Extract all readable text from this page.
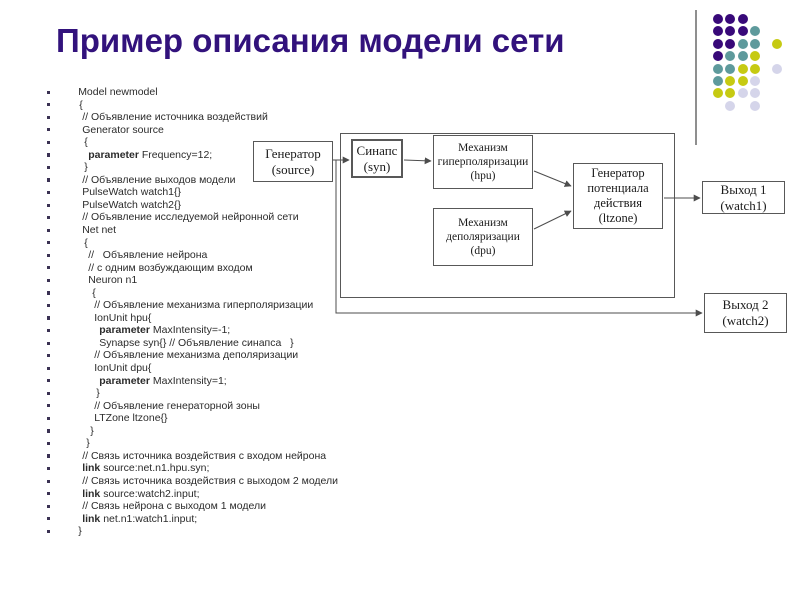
Пример описания модели сети
Model newmodel
{
// Объявление источника воздействий
Generator source
{
parameter Frequency=12;
}
// Объявление выходов модели
PulseWatch watch1{}
PulseWatch watch2{}
// Объявление исследуемой нейронной сети
Net net
{
//   Объявление нейрона
// с одним возбуждающим входом
Neuron n1
{
// Объявление механизма гиперполяризации
IonUnit hpu{
parameter MaxIntensity=-1;
Synapse syn{} // Объявление синапса   }
// Объявление механизма деполяризации
IonUnit dpu{
parameter MaxIntensity=1;
}
// Объявление генераторной зоны
LTZone ltzone{}
}
}
// Связь источника воздействия с входом нейрона
link source:net.n1.hpu.syn;
// Связь источника воздействия с выходом 2 модели
link source:watch2.input;
// Связь нейрона с выходом 1 модели
link net.n1:watch1.input;
}
Генератор
(source)
Синапс
(syn)
Механизм
гиперполяризации
(hpu)
Механизм
деполяризации
(dpu)
Генератор
потенциала
действия
(ltzone)
Выход 1
(watch1)
Выход 2
(watch2)
